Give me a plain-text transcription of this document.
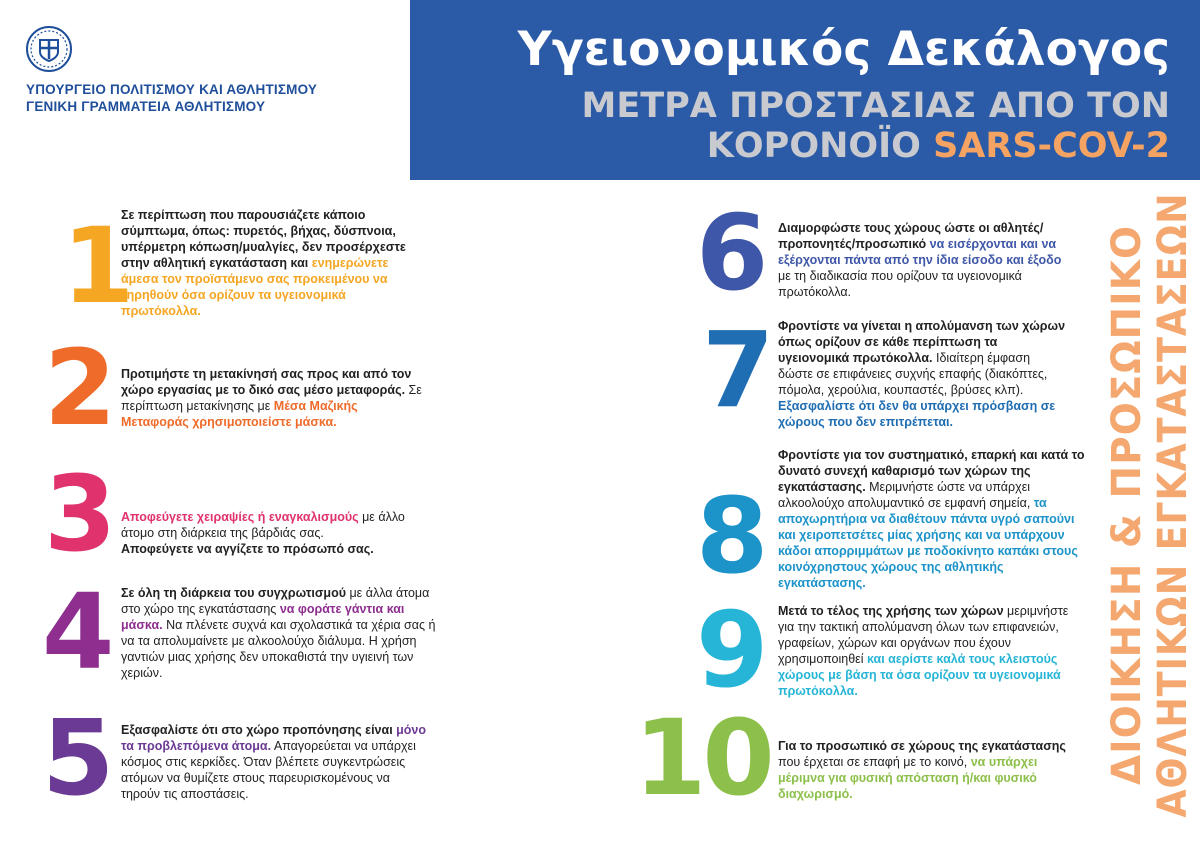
ΥΠΟΥΡΓΕΙΟ ΠΟΛΙΤΙΣΜΟΥ ΚΑΙ ΑΘΛΗΤΙΣΜΟΥ
ΓΕΝΙΚΗ ΓΡΑΜΜΑΤΕΙΑ ΑΘΛΗΤΙΣΜΟΥ
Υγειονομικός Δεκάλογος
ΜΕΤΡΑ ΠΡΟΣΤΑΣΙΑΣ ΑΠΟ ΤΟΝ
ΚΟΡΟΝΟΪΟ SARS-COV-2
1
Σε περίπτωση που παρουσιάζετε κάποιο σύμπτωμα, όπως: πυρετός, βήχας, δύσπνοια, υπέρμετρη κόπωση/μυαλγίες, δεν προσέρχεστε στην αθλητική εγκατάσταση και ενημερώνετε άμεσα τον προϊστάμενο σας προκειμένου να τηρηθούν όσα ορίζουν τα υγειονομικά πρωτόκολλα.
2 Προτιμήστε τη μετακίνησή σας προς και από τον χώρο εργασίας με το δικό σας μέσο μεταφοράς. Σε περίπτωση μετακίνησης με Μέσα Μαζικής Μεταφοράς χρησιμοποιείστε μάσκα.
3 Αποφεύγετε χειραψίες ή εναγκαλισμούς με άλλο άτομο στη διάρκεια της βάρδιάς σας.
Αποφεύγετε να αγγίζετε το πρόσωπό σας.
4 Σε όλη τη διάρκεια του συγχρωτισμού με άλλα άτομα στο χώρο της εγκατάστασης να φοράτε γάντια και μάσκα. Να πλένετε συχνά και σχολαστικά τα χέρια σας ή να τα απολυμαίνετε με αλκοολούχο διάλυμα. Η χρήση γαντιών μιας χρήσης δεν υποκαθιστά την υγιεινή των χεριών.
5 Εξασφαλίστε ότι στο χώρο προπόνησης είναι μόνο τα προβλεπόμενα άτομα. Απαγορεύεται να υπάρχει κόσμος στις κερκίδες. Όταν βλέπετε συγκεντρώσεις ατόμων να θυμίζετε στους παρευρισκομένους να τηρούν τις αποστάσεις.
6 Διαμορφώστε τους χώρους ώστε οι αθλητές/προπονητές/προσωπικό να εισέρχονται και να εξέρχονται πάντα από την ίδια είσοδο και έξοδο με τη διαδικασία που ορίζουν τα υγειονομικά πρωτόκολλα.
7 Φροντίστε να γίνεται η απολύμανση των χώρων όπως ορίζουν σε κάθε περίπτωση τα υγειονομικά πρωτόκολλα. Ιδιαίτερη έμφαση δώστε σε επιφάνειες συχνής επαφής (διακόπτες, πόμολα, χερούλια, κουπαστές, βρύσες κλπ). Εξασφαλίστε ότι δεν θα υπάρχει πρόσβαση σε χώρους που δεν επιτρέπεται.
8
Φροντίστε για τον συστηματικό, επαρκή και κατά το δυνατό συνεχή καθαρισμό των χώρων της εγκατάστασης. Μεριμνήστε ώστε να υπάρχει αλκοολούχο απολυμαντικό σε εμφανή σημεία, τα αποχωρητήρια να διαθέτουν πάντα υγρό σαπούνι και χειροπετσέτες μίας χρήσης και να υπάρχουν κάδοι απορριμμάτων με ποδοκίνητο καπάκι στους κοινόχρηστους χώρους της αθλητικής εγκατάστασης.
9 Μετά το τέλος της χρήσης των χώρων μεριμνήστε για την τακτική απολύμανση όλων των επιφανειών, γραφείων, χώρων και οργάνων που έχουν χρησιμοποιηθεί και αερίστε καλά τους κλειστούς χώρους με βάση τα όσα ορίζουν τα υγειονομικά πρωτόκολλα.
10 Για το προσωπικό σε χώρους της εγκατάστασης που έρχεται σε επαφή με το κοινό, να υπάρχει μέριμνα για φυσική απόσταση ή/και φυσικό διαχωρισμό.
ΔΙΟΙΚΗΣΗ & ΠΡΟΣΩΠΙΚΟ ΑΘΛΗΤΙΚΩΝ ΕΓΚΑΤΑΣΤΑΣΕΩΝ
